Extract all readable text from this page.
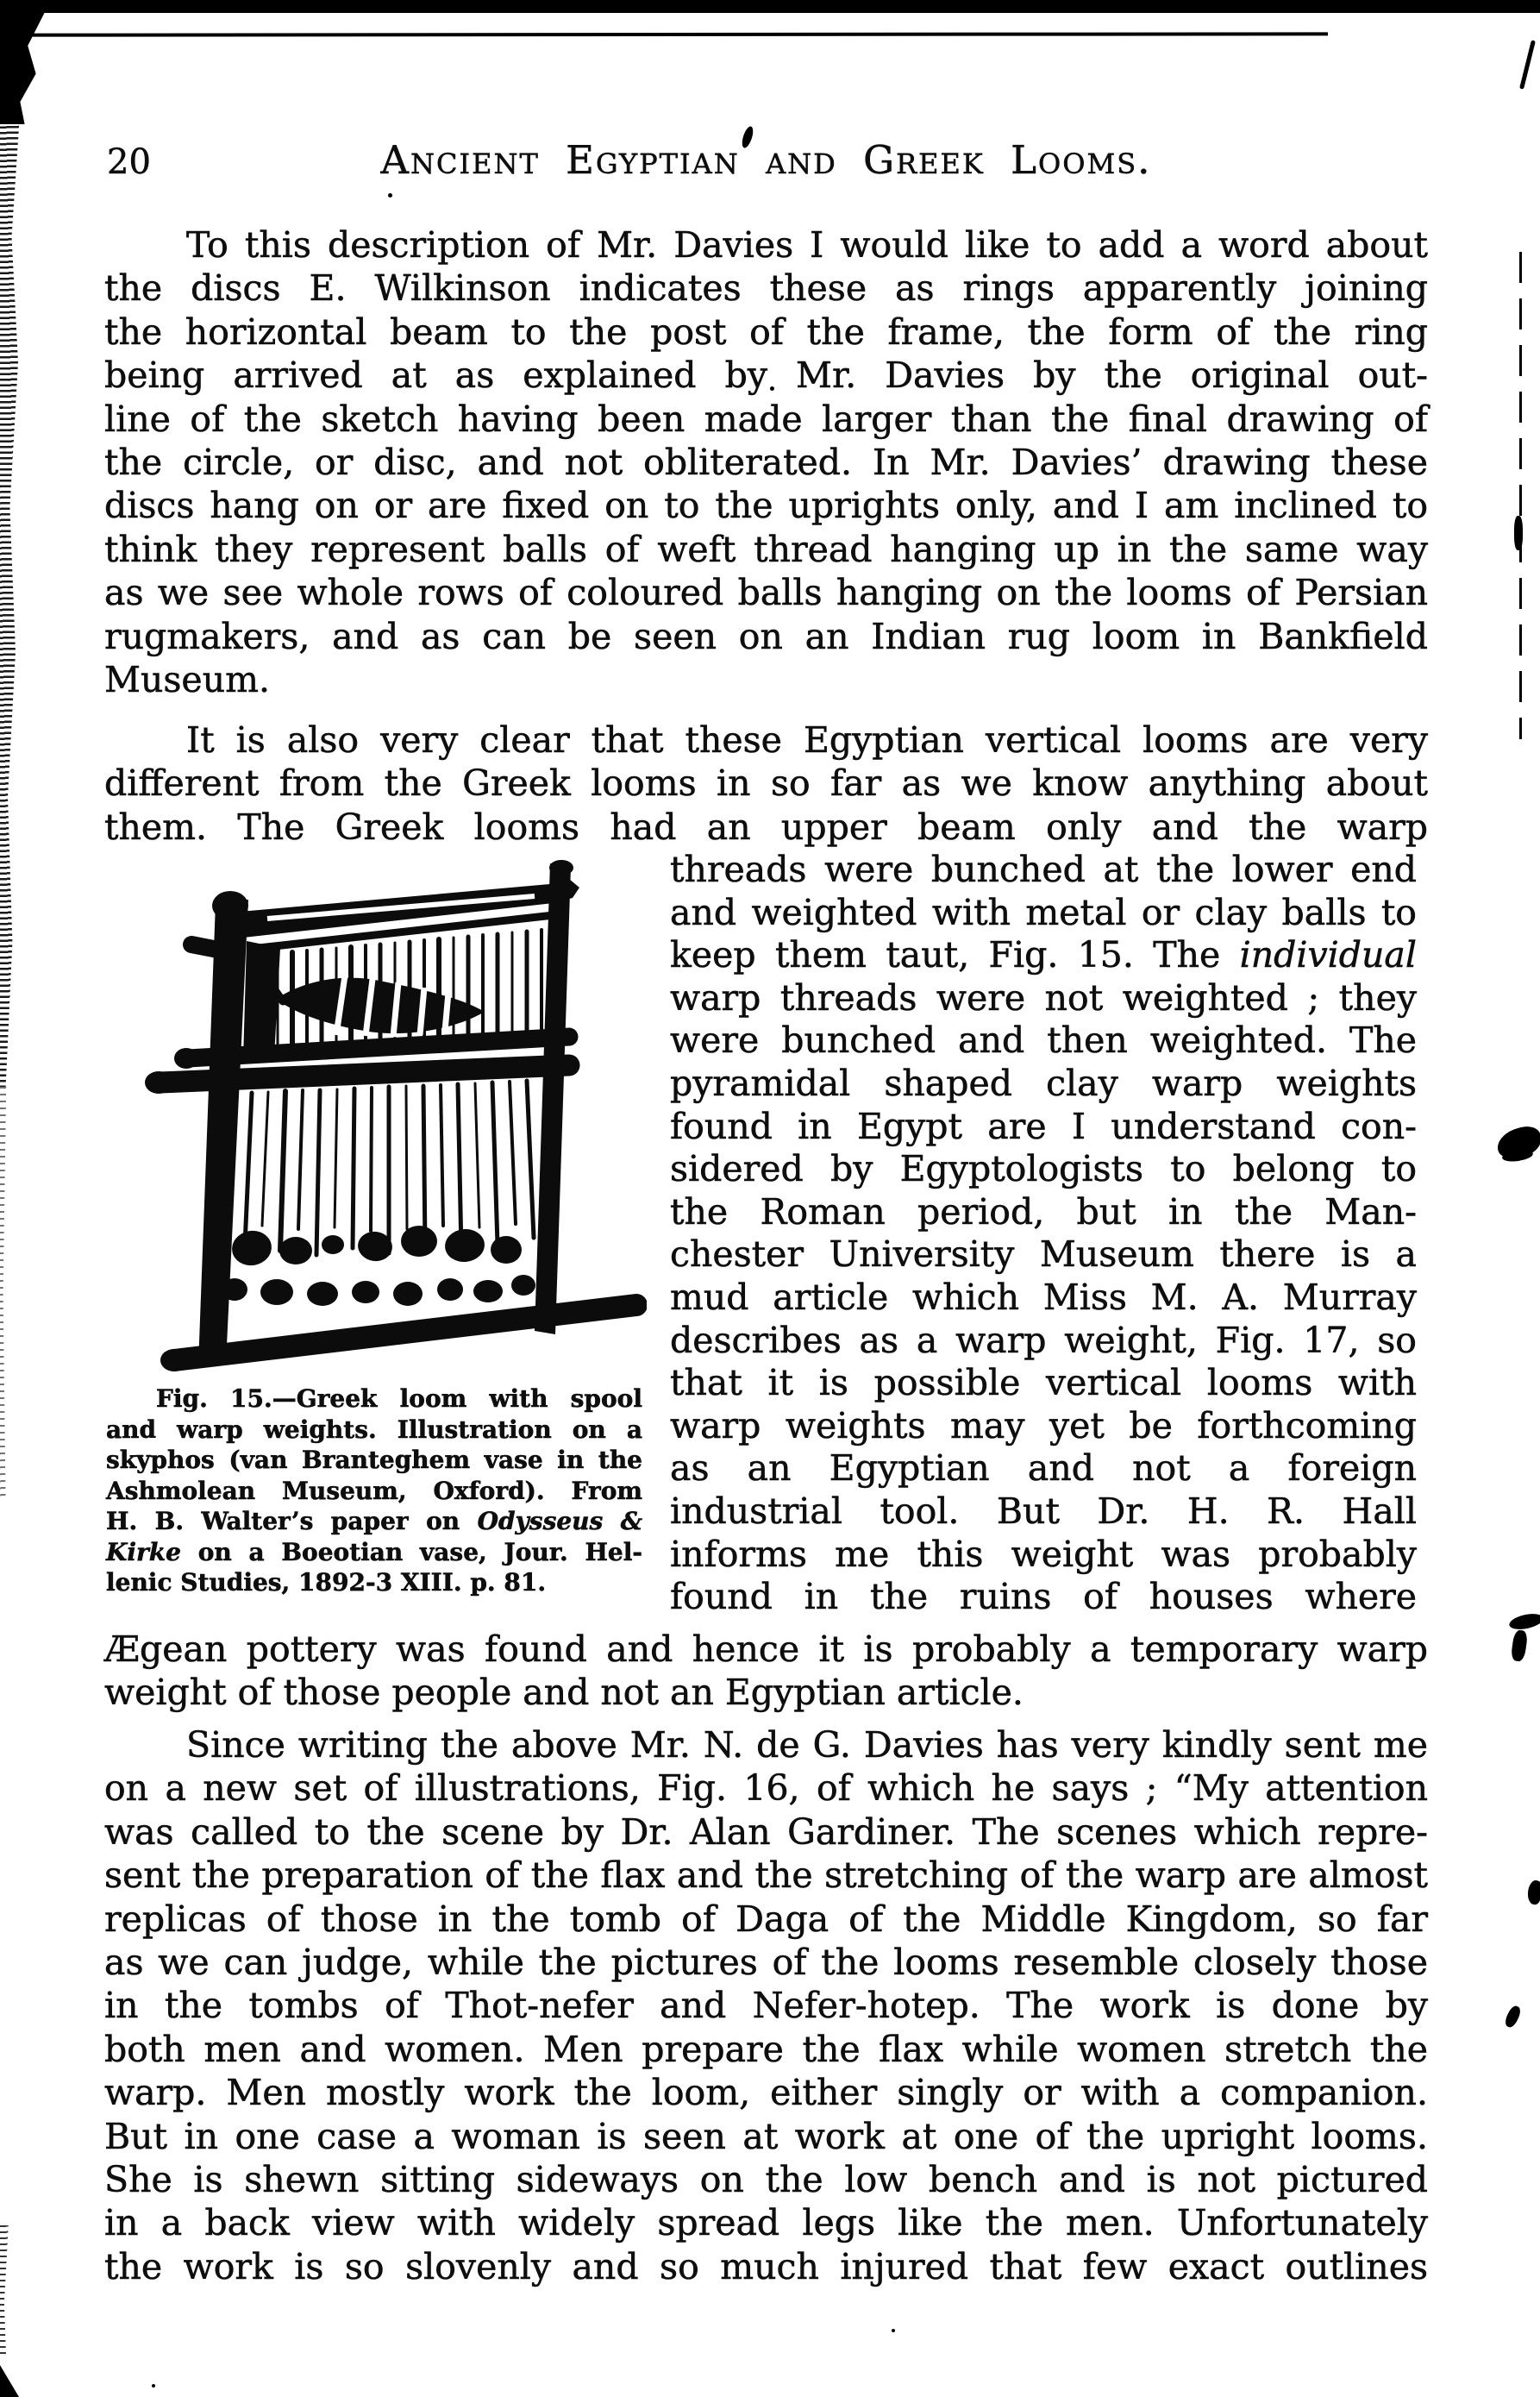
20	Ancient Egyptian and Greek Looms.
To this description of Mr. Davies I would like to add a word about
the discs E. Wilkinson indicates these as rings apparently joining
the horizontal beam to the post of the frame, the form of the ring
being arrived at as explained by Mr. Davies by the original out-
line of the sketch having been made larger than the final drawing of
the circle, or disc, and not obliterated. In Mr. Davies’ drawing these
discs hang on or are fixed on to the uprights only, and I am inclined to
think they represent balls of weft thread hanging up in the same way
as we see whole rows of coloured balls hanging on the looms of Persian
rugmakers, and as can be seen on an Indian rug loom in Bankfield
Museum.
It is also very clear that these Egyptian vertical looms are very
different from the Greek looms in so far as we know anything about
them. The Greek looms had an upper beam only and the warp
threads were bunched at the lower end
and weighted with metal or clay balls to
keep them taut, Fig. 15. The individual
warp threads were not weighted ; they
were bunched and then weighted. The
pyramidal shaped clay warp weights
found in Egypt are I understand con-
sidered by Egyptologists to belong to
the Roman period, but in the Man-
chester University Museum there is a
mud article which Miss M. A. Murray
describes as a warp weight, Fig. 17, so
that it is possible vertical looms with
warp weights may yet be forthcoming
as an Egyptian and not a foreign
industrial tool. But Dr. H. R. Hall
informs me this weight was probably
found in the ruins of houses where
Ægean pottery was found and hence it is probably a temporary warp
weight of those people and not an Egyptian article.
Since writing the above Mr. N. de G. Davies has very kindly sent me
on a new set of illustrations, Fig. 16, of which he says ; “My attention
was called to the scene by Dr. Alan Gardiner. The scenes which repre-
sent the preparation of the flax and the stretching of the warp are almost
replicas of those in the tomb of Daga of the Middle Kingdom, so far
as we can judge, while the pictures of the looms resemble closely those
in the tombs of Thot-nefer and Nefer-hotep. The work is done by
both men and women. Men prepare the flax while women stretch the
warp. Men mostly work the loom, either singly or with a companion.
But in one case a woman is seen at work at one of the upright looms.
She is shewn sitting sideways on the low bench and is not pictured
in a back view with widely spread legs like the men. Unfortunately
the work is so slovenly and so much injured that few exact outlines
Fig. 15.—Greek loom with spool
and warp weights. Illustration on a
skyphos (van Branteghem vase in the
Ashmolean Museum, Oxford). From
H. B. Walter’s paper on Odysseus &
Kirke on a Boeotian vase, Jour. Hel-
lenic Studies, 1892-3 XIII. p. 81.
